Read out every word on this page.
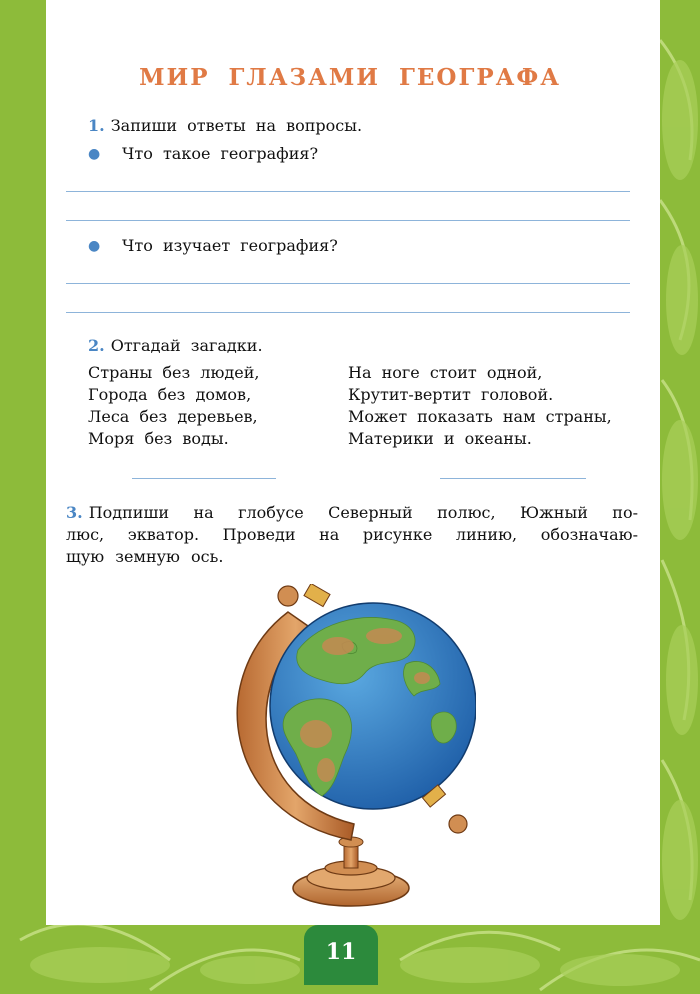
МИР ГЛАЗАМИ ГЕОГРАФА
1. Запиши ответы на вопросы.
● Что такое география?
● Что изучает география?
2. Отгадай загадки.
Страны без людей,
Города без домов,
Леса без деревьев,
Моря без воды.
На ноге стоит одной,
Крутит-вертит головой.
Может показать нам страны,
Материки и океаны.
3. Подпиши на глобусе Северный полюс, Южный по-
люс, экватор. Проведи на рисунке линию, обозначаю-
щую земную ось.
11
